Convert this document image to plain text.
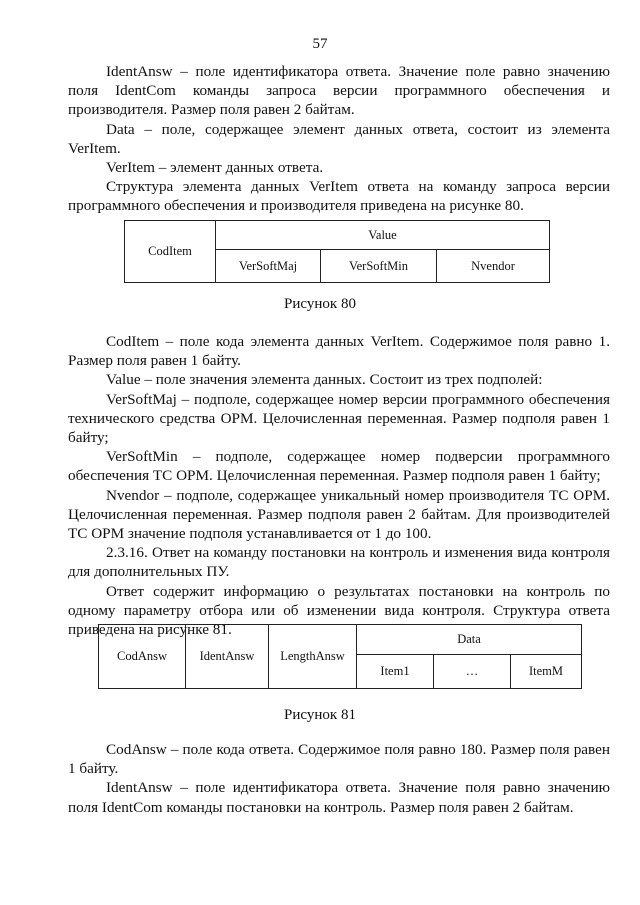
57

IdentAnsw – поле идентификатора ответа. Значение поле равно значению поля IdentCom команды запроса версии программного обеспечения и производителя. Размер поля равен 2 байтам.

Data – поле, содержащее элемент данных ответа, состоит из элемента VerItem.

VerItem – элемент данных ответа.

Структура элемента данных VerItem ответа на команду запроса версии программного обеспечения и производителя приведена на рисунке 80.

CodItem	Value		
	VerSoftMaj	VerSoftMin	Nvendor
Рисунок 80

CodItem – поле кода элемента данных VerItem. Содержимое поля равно 1. Размер поля равен 1 байту.

Value – поле значения элемента данных. Состоит из трех подполей:

VerSoftMaj – подполе, содержащее номер версии программного обеспечения технического средства ОРМ. Целочисленная переменная. Размер подполя равен 1 байту;

VerSoftMin – подполе, содержащее номер подверсии программного обеспечения ТС ОРМ. Целочисленная переменная. Размер подполя равен 1 байту;

Nvendor – подполе, содержащее уникальный номер производителя ТС ОРМ. Целочисленная переменная. Размер подполя равен 2 байтам. Для производителей ТС ОРМ значение подполя устанавливается от 1 до 100.

2.3.16. Ответ на команду постановки на контроль и изменения вида контроля для дополнительных ПУ.

Ответ содержит информацию о результатах постановки на контроль по одному параметру отбора или об изменении вида контроля. Структура ответа приведена на рисунке 81.

CodAnsw	IdentAnsw	LengthAnsw	Data		
			Item1	…	ItemM
Рисунок 81

CodAnsw – поле кода ответа. Содержимое поля равно 180. Размер поля равен 1 байту.

IdentAnsw – поле идентификатора ответа. Значение поля равно значению поля IdentCom команды постановки на контроль. Размер поля равен 2 байтам.
